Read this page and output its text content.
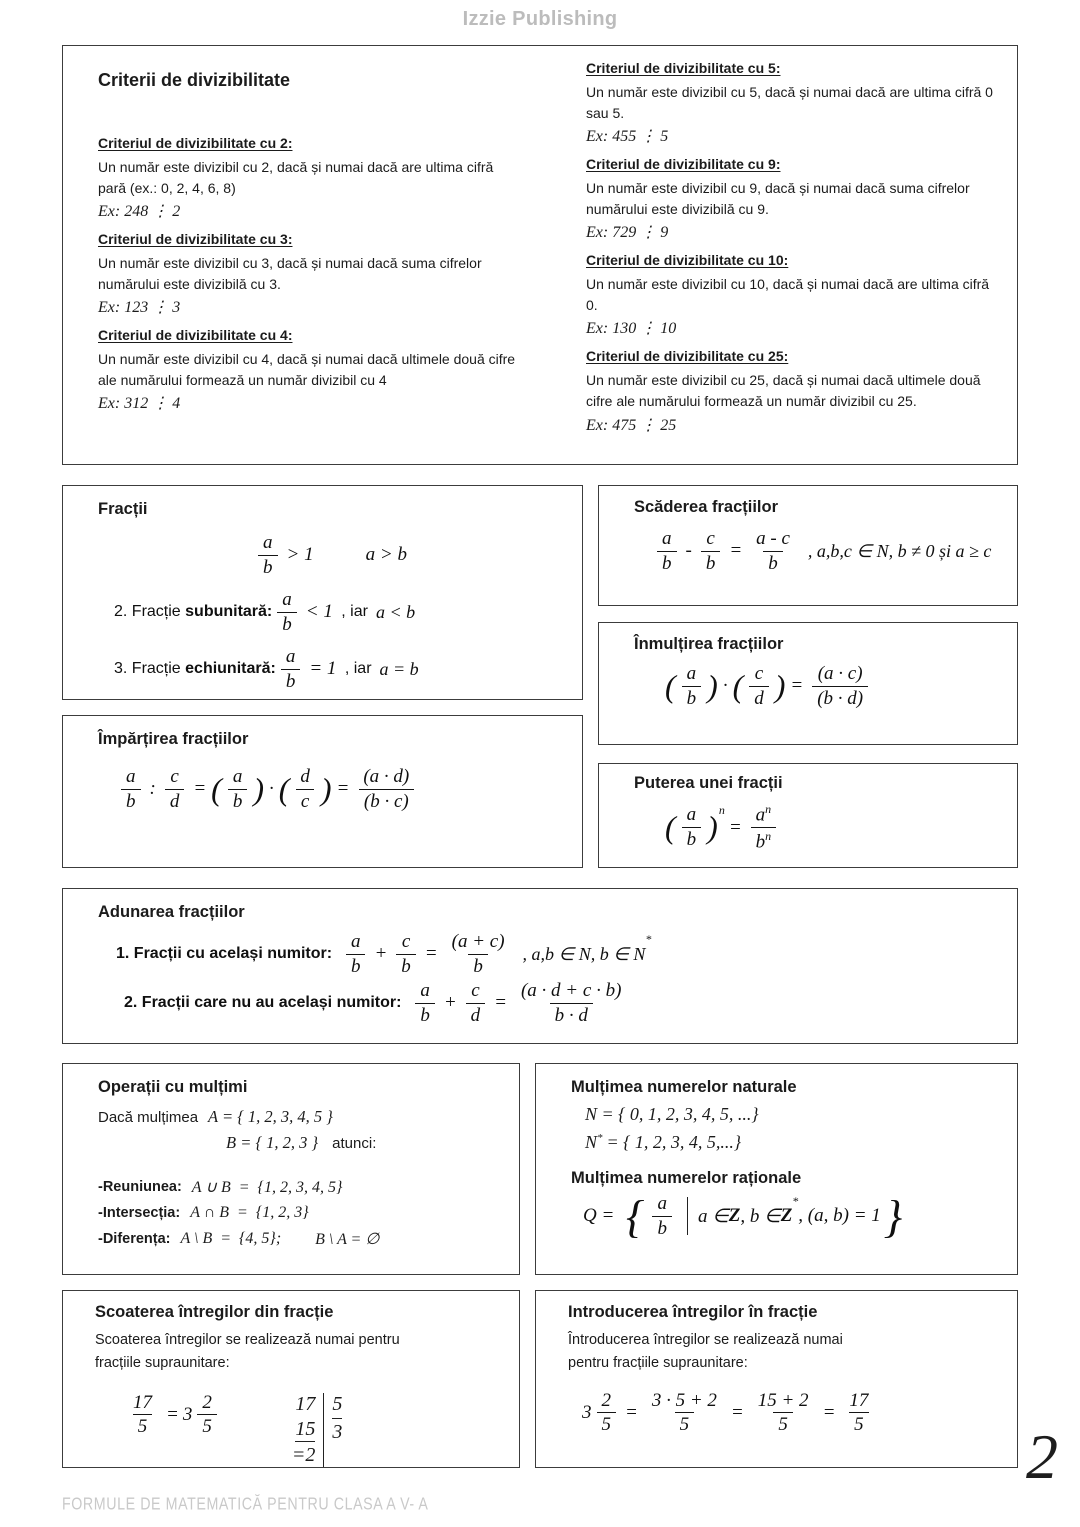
Izzie Publishing
Criterii de divizibilitate
Criteriul de divizibilitate cu 2:

Un număr este divizibil cu 2, dacă și numai dacă are ultima cifră pară (ex.: 0, 2, 4, 6, 8)

Ex: 248 ⋮ 2
Criteriul de divizibilitate cu 3:

Un număr este divizibil cu 3, dacă și numai dacă suma cifrelor numărului este divizibilă cu 3.

Ex: 123 ⋮ 3
Criteriul de divizibilitate cu 4:

Un număr este divizibil cu 4, dacă și numai dacă ultimele două cifre ale numărului formează un număr divizibil cu 4

Ex: 312 ⋮ 4
Criteriul de divizibilitate cu 5:

Un număr este divizibil cu 5, dacă și numai dacă are ultima cifră 0 sau 5.

Ex: 455 ⋮ 5
Criteriul de divizibilitate cu 9:

Un număr este divizibil cu 9, dacă și numai dacă suma cifrelor numărului este divizibilă cu 9.

Ex: 729 ⋮ 9
Criteriul de divizibilitate cu 10:

Un număr este divizibil cu 10, dacă și numai dacă are ultima cifră 0.

Ex: 130 ⋮ 10
Criteriul de divizibilitate cu 25:

Un număr este divizibil cu 25, dacă și numai dacă ultimele două cifre ale numărului formează un număr divizibil cu 25.

Ex: 475 ⋮ 25
Fracții
$\frac{a}{b} > 1$	a > b
2. Fracție subunitară: $\frac{a}{b} < 1$ , iar a < b
3. Fracție echiunitară: $\frac{a}{b} = 1$ , iar a = b
Scăderea fracțiilor
$\frac{a}{b} - \frac{c}{b} = \frac{a - c}{b}$ , a,b,c ∈ N, b ≠ 0 și a ≥ c
Înmulțirea fracțiilor
( $\frac{a}{b}$ ) · ( $\frac{c}{d}$ ) = $\frac{(a \cdot c)}{(b \cdot d)}$
Împărțirea fracțiilor
$\frac{a}{b}$ : $\frac{c}{d}$ = ( $\frac{a}{b}$ ) · ( $\frac{d}{c}$ ) = $\frac{(a \cdot d)}{(b \cdot c)}$	Puterea unei fracții
( $\frac{a}{b} )^n$
= $\frac{a^n}{b^n}$
Adunarea fracțiilor
1. Fracții cu același numitor: $\frac{a}{b} + \frac{c}{b} = \frac{(a + c)}{b}$ , a,b ∈ N, b ∈ N
*
2. Fracții care nu au același numitor: $\frac{a}{b} + \frac{c}{d} = \frac{(a \cdot d + c \cdot b)}{b \cdot d}$
Operații cu mulțimi
Dacă mulțimea A = { 1, 2, 3, 4, 5 }
B = { 1, 2, 3 } atunci:
-Reuniunea: A ∪ B  =  {1, 2, 3, 4, 5}
-Intersecția: A ∩ B  =  {1, 2, 3}
-Diferența: A \ B  =  {4, 5}; B \ A = ∅
Mulțimea numerelor naturale
N = { 0, 1, 2, 3, 4, 5, ...}
N* = { 1, 2, 3, 4, 5,...}
Mulțimea numerelor raționale
Q = { $\frac{a}{b}$ a ∈ Z , b ∈ Z
*
, (a, b) = 1 }
Scoaterea întregilor din fracție

Scoaterea întregilor se realizează numai pentru

fracțiile supraunitare:

$\frac{17}{5} = 3 \frac{2}{5}$	17
15
=2
5
3
Introducerea întregilor în fracție

Întroducerea întregilor se realizează numai

pentru fracțiile supraunitare:

$3 \frac{2}{5} = \frac{3 \cdot 5 + 2}{5} = \frac{15 + 2}{5} = \frac{17}{5}$
FORMULE DE MATEMATICĂ PENTRU CLASA A V- A
2
